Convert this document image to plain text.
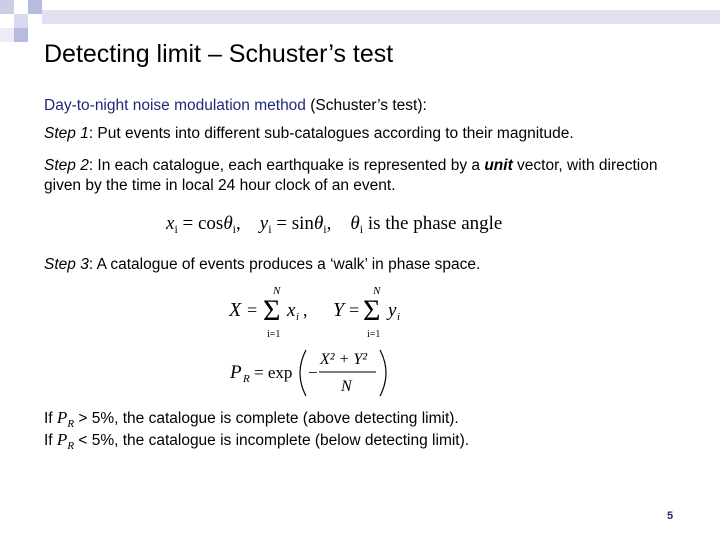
Detecting limit – Schuster’s test
Day-to-night noise modulation method (Schuster’s test):
Step 1: Put events into different sub-catalogues according to their magnitude.
Step 2: In each catalogue, each earthquake is represented by a unit vector, with direction given by the time in local 24 hour clock of an event.
$x_i = \cos\theta_i$, $y_i = \sin\theta_i$, $\theta_i$ is the phase angle
Step 3: A catalogue of events produces a ‘walk’ in phase space.
X =
N
Σ
i=1
x i , Y =
N
Σ
i=1
y i
P R = exp −
X² + Y²
N
If $P_R > 5\%$, the catalogue is complete (above detecting limit).
If $P_R < 5\%$, the catalogue is incomplete (below detecting limit).
5
